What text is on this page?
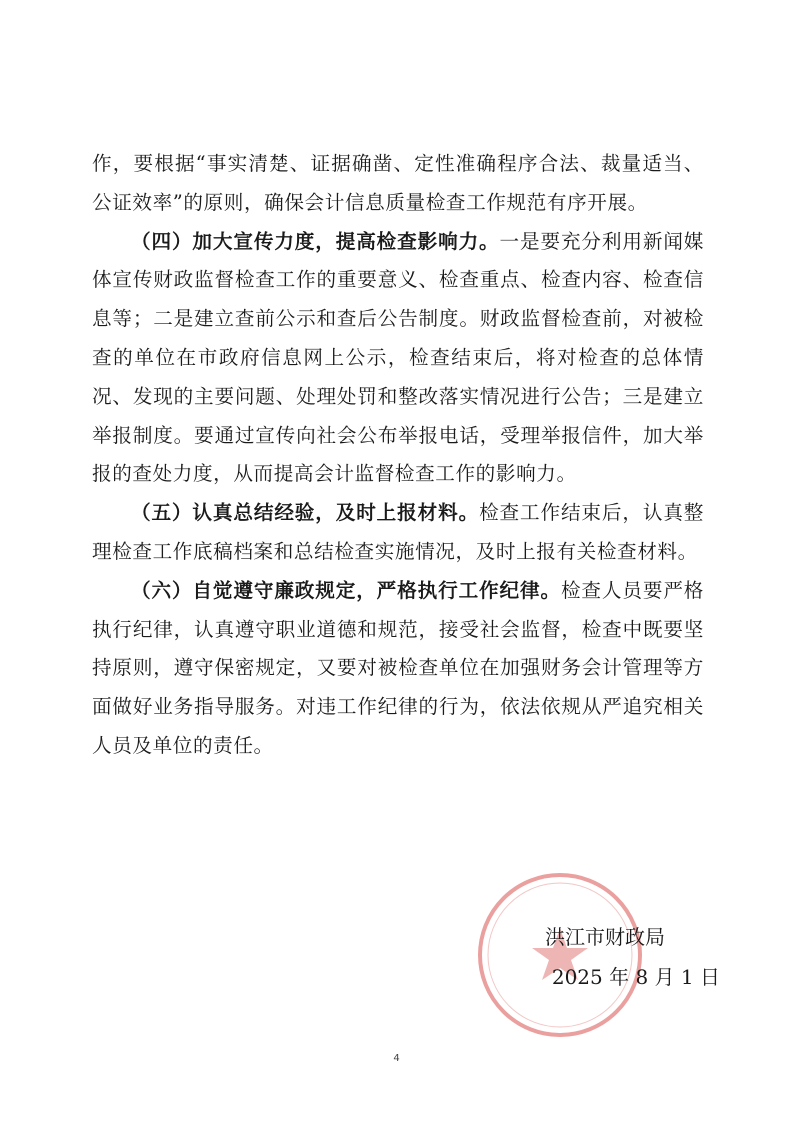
作，要根据“事实清楚、证据确凿、定性准确程序合法、裁量适当、公证效率”的原则，确保会计信息质量检查工作规范有序开展。

（四）加大宣传力度，提高检查影响力。一是要充分利用新闻媒体宣传财政监督检查工作的重要意义、检查重点、检查内容、检查信息等；二是建立查前公示和查后公告制度。财政监督检查前，对被检查的单位在市政府信息网上公示，检查结束后，将对检查的总体情况、发现的主要问题、处理处罚和整改落实情况进行公告；三是建立举报制度。要通过宣传向社会公布举报电话，受理举报信件，加大举报的查处力度，从而提高会计监督检查工作的影响力。

（五）认真总结经验，及时上报材料。检查工作结束后，认真整理检查工作底稿档案和总结检查实施情况，及时上报有关检查材料。

（六）自觉遵守廉政规定，严格执行工作纪律。检查人员要严格执行纪律，认真遵守职业道德和规范，接受社会监督，检查中既要坚持原则，遵守保密规定，又要对被检查单位在加强财务会计管理等方面做好业务指导服务。对违工作纪律的行为，依法依规从严追究相关人员及单位的责任。

洪江市财政局
2025 年 8 月 1 日
4
